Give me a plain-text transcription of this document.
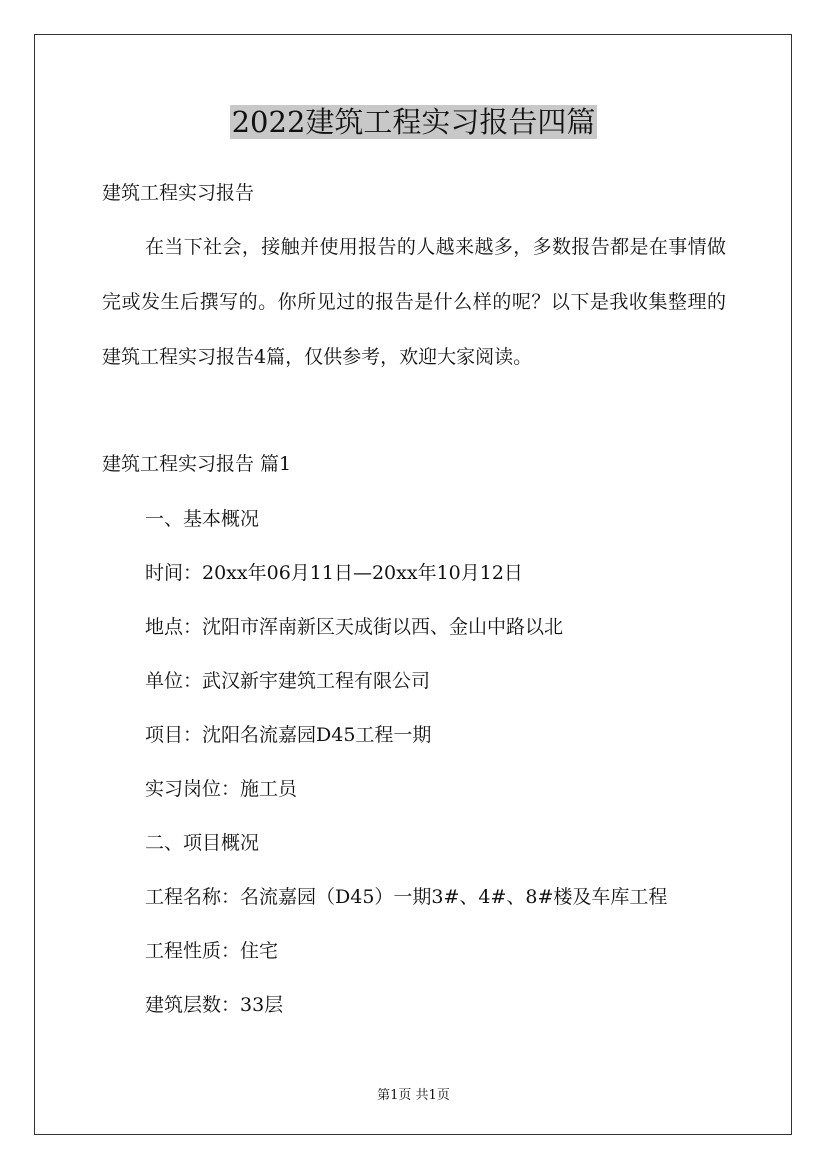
2022建筑工程实习报告四篇

建筑工程实习报告

在当下社会，接触并使用报告的人越来越多，多数报告都是在事情做完或发生后撰写的。你所见过的报告是什么样的呢？以下是我收集整理的建筑工程实习报告4篇，仅供参考，欢迎大家阅读。

建筑工程实习报告 篇1

一、基本概况

时间：20xx年06月11日—20xx年10月12日

地点：沈阳市浑南新区天成街以西、金山中路以北

单位：武汉新宇建筑工程有限公司

项目：沈阳名流嘉园D45工程一期

实习岗位：施工员

二、项目概况

工程名称：名流嘉园（D45）一期3#、4#、8#楼及车库工程

工程性质：住宅

建筑层数：33层

第1页 共1页
